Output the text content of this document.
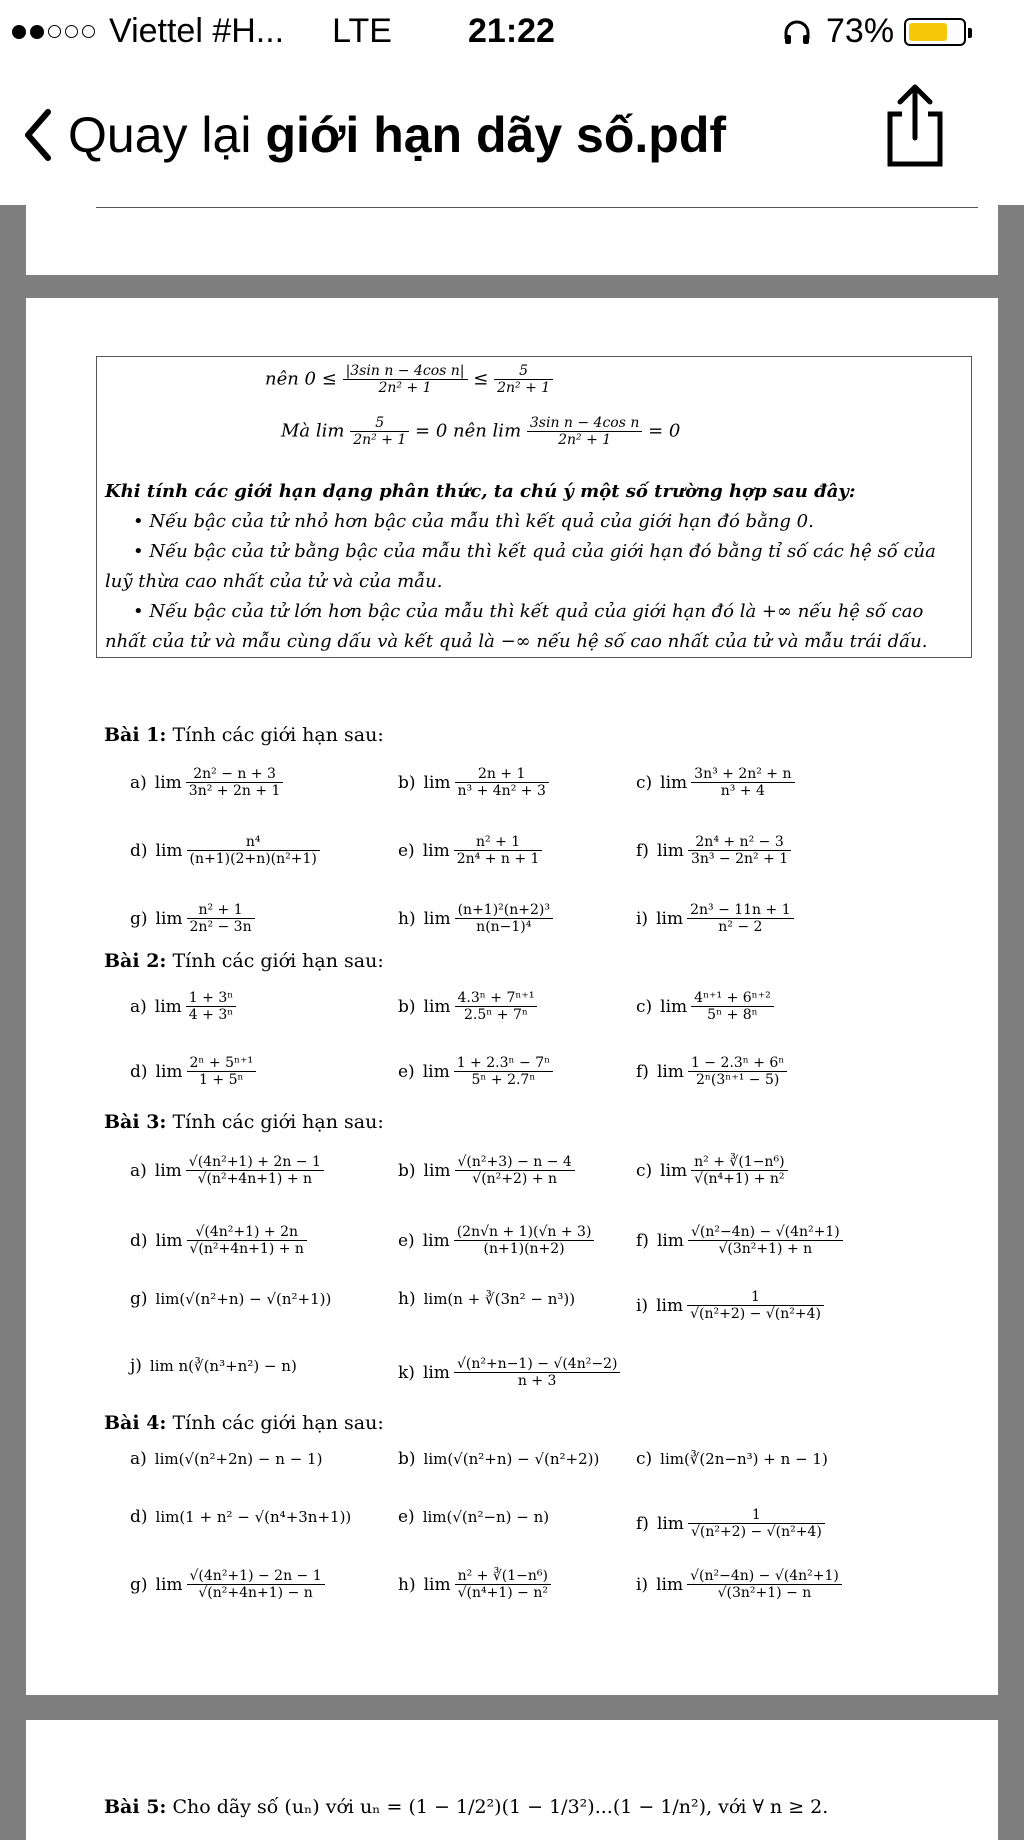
Viettel #H... LTE 21:22	73%
Quay lại giới hạn dãy số.pdf
nên $0 \le \frac{\text{|3sin n − 4cos n|}}{\text{2n² + 1}} \le \frac{5}{\text{2n² + 1}}$
Mà $\lim \frac{5}{\text{2n² + 1}} = 0$ nên $\lim \frac{\text{3sin n − 4cos n}}{\text{2n² + 1}} = 0$
Khi tính các giới hạn dạng phân thức, ta chú ý một số trường hợp sau đây:
• Nếu bậc của tử nhỏ hơn bậc của mẫu thì kết quả của giới hạn đó bằng 0.
• Nếu bậc của tử bằng bậc của mẫu thì kết quả của giới hạn đó bằng tỉ số các hệ số của
luỹ thừa cao nhất của tử và của mẫu.
• Nếu bậc của tử lớn hơn bậc của mẫu thì kết quả của giới hạn đó là +∞ nếu hệ số cao
nhất của tử và mẫu cùng dấu và kết quả là −∞ nếu hệ số cao nhất của tử và mẫu trái dấu.
Bài 1: Tính các giới hạn sau:
a) $\lim \frac{\text{2n² − n + 3}}{\text{3n² + 2n + 1}}$	b) $\lim \frac{2n + 1}{\text{n³ + 4n² + 3}}$	c) $\lim \frac{\text{3n³ + 2n² + n}}{\text{n³ + 4}}$
d) $\lim \frac{\text{n⁴}}{\text{(n+1)(2+n)(n²+1)}}$	e) $\lim \frac{\text{n² + 1}}{\text{2n⁴ + n + 1}}$	f) $\lim \frac{\text{2n⁴ + n² − 3}}{\text{3n³ − 2n² + 1}}$
g) $\lim \frac{\text{n² + 1}}{\text{2n² − 3n}}$	h) $\lim \frac{\text{(n+1)²(n+2)³}}{\text{n(n−1)⁴}}$	i) $\lim \frac{\text{2n³ − 11n + 1}}{\text{n² − 2}}$
Bài 2: Tính các giới hạn sau:
a) $\lim \frac{\text{1 + 3ⁿ}}{\text{4 + 3ⁿ}}$	b) $\lim \frac{\text{4.3ⁿ + 7ⁿ⁺¹}}{\text{2.5ⁿ + 7ⁿ}}$	c) $\lim \frac{\text{4ⁿ⁺¹ + 6ⁿ⁺²}}{\text{5ⁿ + 8ⁿ}}$
d) $\lim \frac{\text{2ⁿ + 5ⁿ⁺¹}}{\text{1 + 5ⁿ}}$	e) $\lim \frac{\text{1 + 2.3ⁿ − 7ⁿ}}{\text{5ⁿ + 2.7ⁿ}}$	f) $\lim \frac{\text{1 − 2.3ⁿ + 6ⁿ}}{\text{2ⁿ(3ⁿ⁺¹ − 5)}}$
Bài 3: Tính các giới hạn sau:
a) $\lim \frac{\text{√(4n²+1) + 2n − 1}}{\text{√(n²+4n+1) + n}}$	b) $\lim \frac{\text{√(n²+3) − n − 4}}{\text{√(n²+2) + n}}$	c) $\lim \frac{\text{n² + ∛(1−n⁶)}}{\text{√(n⁴+1) + n²}}$
d) $\lim \frac{\text{√(4n²+1) + 2n}}{\text{√(n²+4n+1) + n}}$	e) $\lim \frac{(2n√n + 1)(√n + 3)}{(n+1)(n+2)} f$) $\lim \frac{\text{√(n²−4n) − √(4n²+1)}}{\text{√(3n²+1) + n}}$
g) lim(√(n²+n) − √(n²+1))	h) lim(n + ∛(3n² − n³))	i) $\lim \frac{1}{\text{√(n²+2) − √(n²+4)}}$
j) lim n(∛(n³+n²) − n)	k) $\lim \frac{\text{√(n²+n−1) − √(4n²−2)}}{n + 3}$
Bài 4: Tính các giới hạn sau:
a) lim(√(n²+2n) − n − 1)	b) lim(√(n²+n) − √(n²+2)) c) lim(∛(2n−n³) + n − 1)
d) lim(1 + n² − √(n⁴+3n+1))	e) lim(√(n²−n) − n)	f) $\lim \frac{1}{\text{√(n²+2) − √(n²+4)}}$
g) $\lim \frac{\text{√(4n²+1) − 2n − 1}}{\text{√(n²+4n+1) − n}}$	h) $\lim \frac{\text{n² + ∛(1−n⁶)}}{\text{√(n⁴+1) − n²}}$	i) $\lim \frac{\text{√(n²−4n) − √(4n²+1)}}{\text{√(3n²+1) − n}}$
Bài 5: Cho dãy số (uₙ) với uₙ = (1 − 1/2²)(1 − 1/3²)...(1 − 1/n²), với ∀ n ≥ 2.
